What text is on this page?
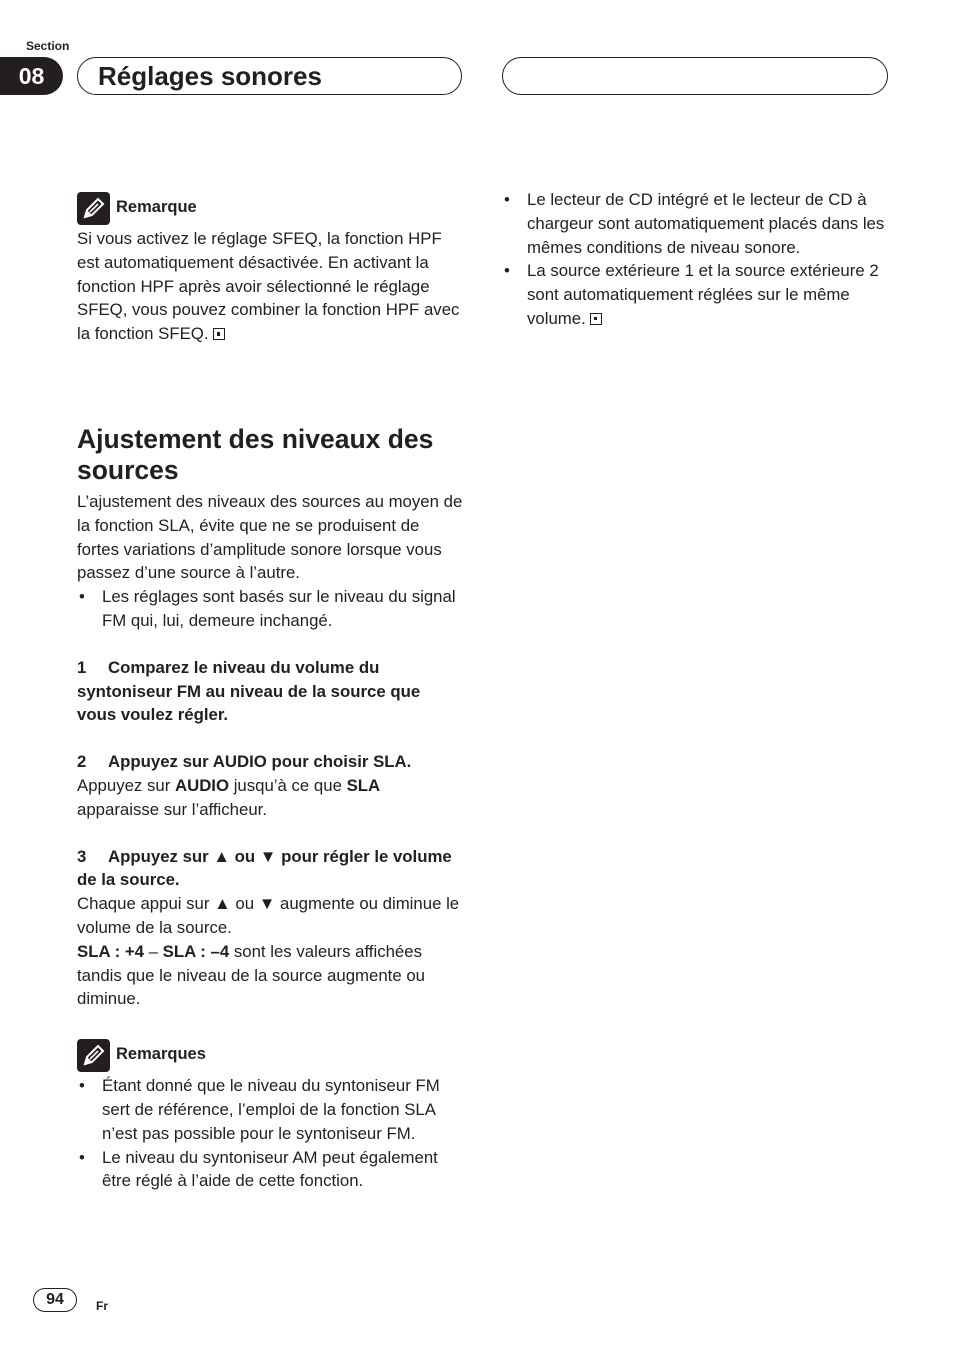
Section
08	Réglages sonores
Remarque

Si vous activez le réglage SFEQ, la fonction HPF est automatiquement désactivée. En activant la fonction HPF après avoir sélectionné le réglage SFEQ, vous pouvez combiner la fonction HPF avec la fonction SFEQ.

Ajustement des niveaux des sources

L’ajustement des niveaux des sources au moyen de la fonction SLA, évite que ne se produisent de fortes variations d’amplitude sonore lorsque vous passez d’une source à l’autre.

• Les réglages sont basés sur le niveau du signal FM qui, lui, demeure inchangé.

1 Comparez le niveau du volume du syntoniseur FM au niveau de la source que vous voulez régler.

2 Appuyez sur AUDIO pour choisir SLA.

Appuyez sur AUDIO jusqu’à ce que SLA apparaisse sur l’afficheur.

3 Appuyez sur ▲ ou ▼ pour régler le volume de la source.

Chaque appui sur ▲ ou ▼ augmente ou diminue le volume de la source.

SLA : +4 – SLA : –4 sont les valeurs affichées tandis que le niveau de la source augmente ou diminue.

Remarques
• Étant donné que le niveau du syntoniseur FM sert de référence, l’emploi de la fonction SLA n’est pas possible pour le syntoniseur FM.
• Le niveau du syntoniseur AM peut également être réglé à l’aide de cette fonction.
• Le lecteur de CD intégré et le lecteur de CD à chargeur sont automatiquement placés dans les mêmes conditions de niveau sonore.
• La source extérieure 1 et la source extérieure 2 sont automatiquement réglées sur le même volume.
94	Fr
